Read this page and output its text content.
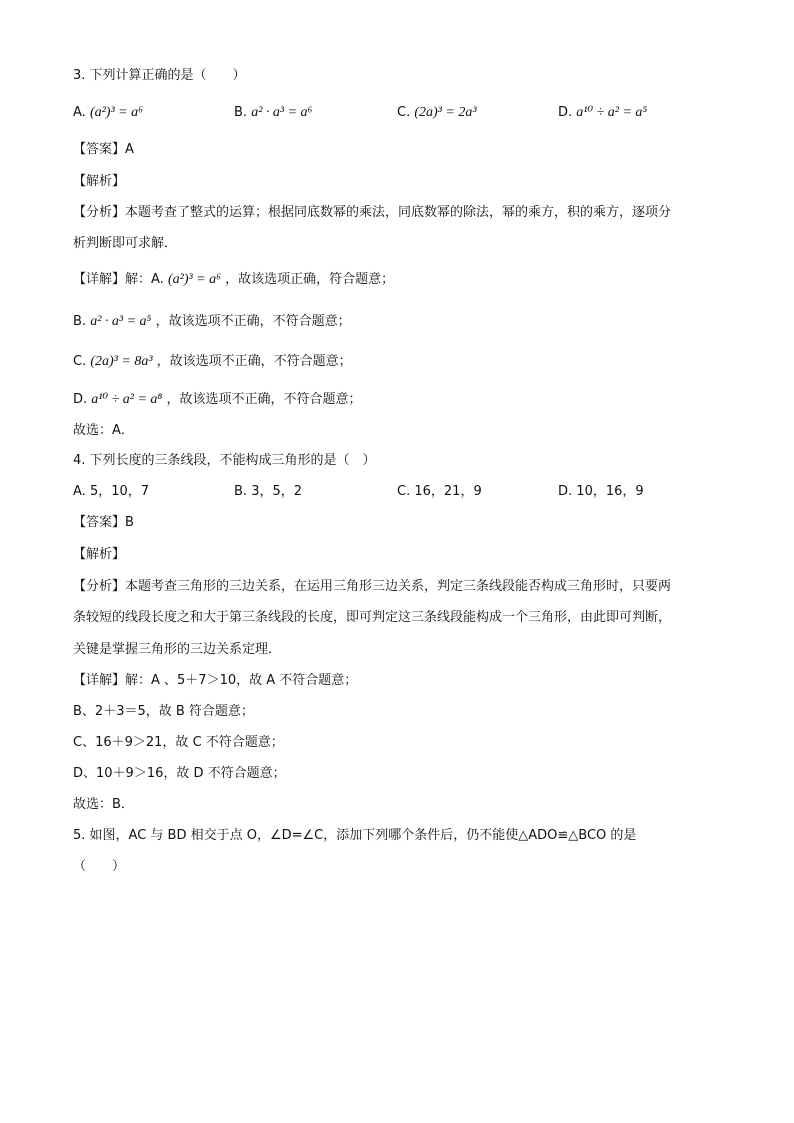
3. 下列计算正确的是（　　）
A. (a²)³ = a⁶	B. a² · a³ = a⁶	C. (2a)³ = 2a³	D. a¹⁰ ÷ a² = a⁵
【答案】A
【解析】
【分析】本题考查了整式的运算；根据同底数幂的乘法，同底数幂的除法，幂的乘方，积的乘方，逐项分
析判断即可求解．
【详解】解：A. (a²)³ = a⁶ ，故该选项正确，符合题意；
B. a² · a³ = a⁵ ，故该选项不正确，不符合题意；
C. (2a)³ = 8a³ ，故该选项不正确，不符合题意；
D. a¹⁰ ÷ a² = a⁸ ，故该选项不正确，不符合题意；
故选：A．
4. 下列长度的三条线段，不能构成三角形的是（　）
A. 5，10，7	B. 3，5，2	C. 16，21，9	D. 10，16，9
【答案】B
【解析】
【分析】本题考查三角形的三边关系，在运用三角形三边关系，判定三条线段能否构成三角形时，只要两
条较短的线段长度之和大于第三条线段的长度，即可判定这三条线段能构成一个三角形，由此即可判断，
关键是掌握三角形的三边关系定理．
【详解】解：A 、5＋7＞10，故 A 不符合题意；
B、2＋3＝5，故 B 符合题意；
C、16＋9＞21，故 C 不符合题意；
D、10＋9＞16，故 D 不符合题意；
故选：B．
5. 如图，AC 与 BD 相交于点 O，∠D=∠C，添加下列哪个条件后，仍不能使△ADO≌△BCO 的是
（　　）
